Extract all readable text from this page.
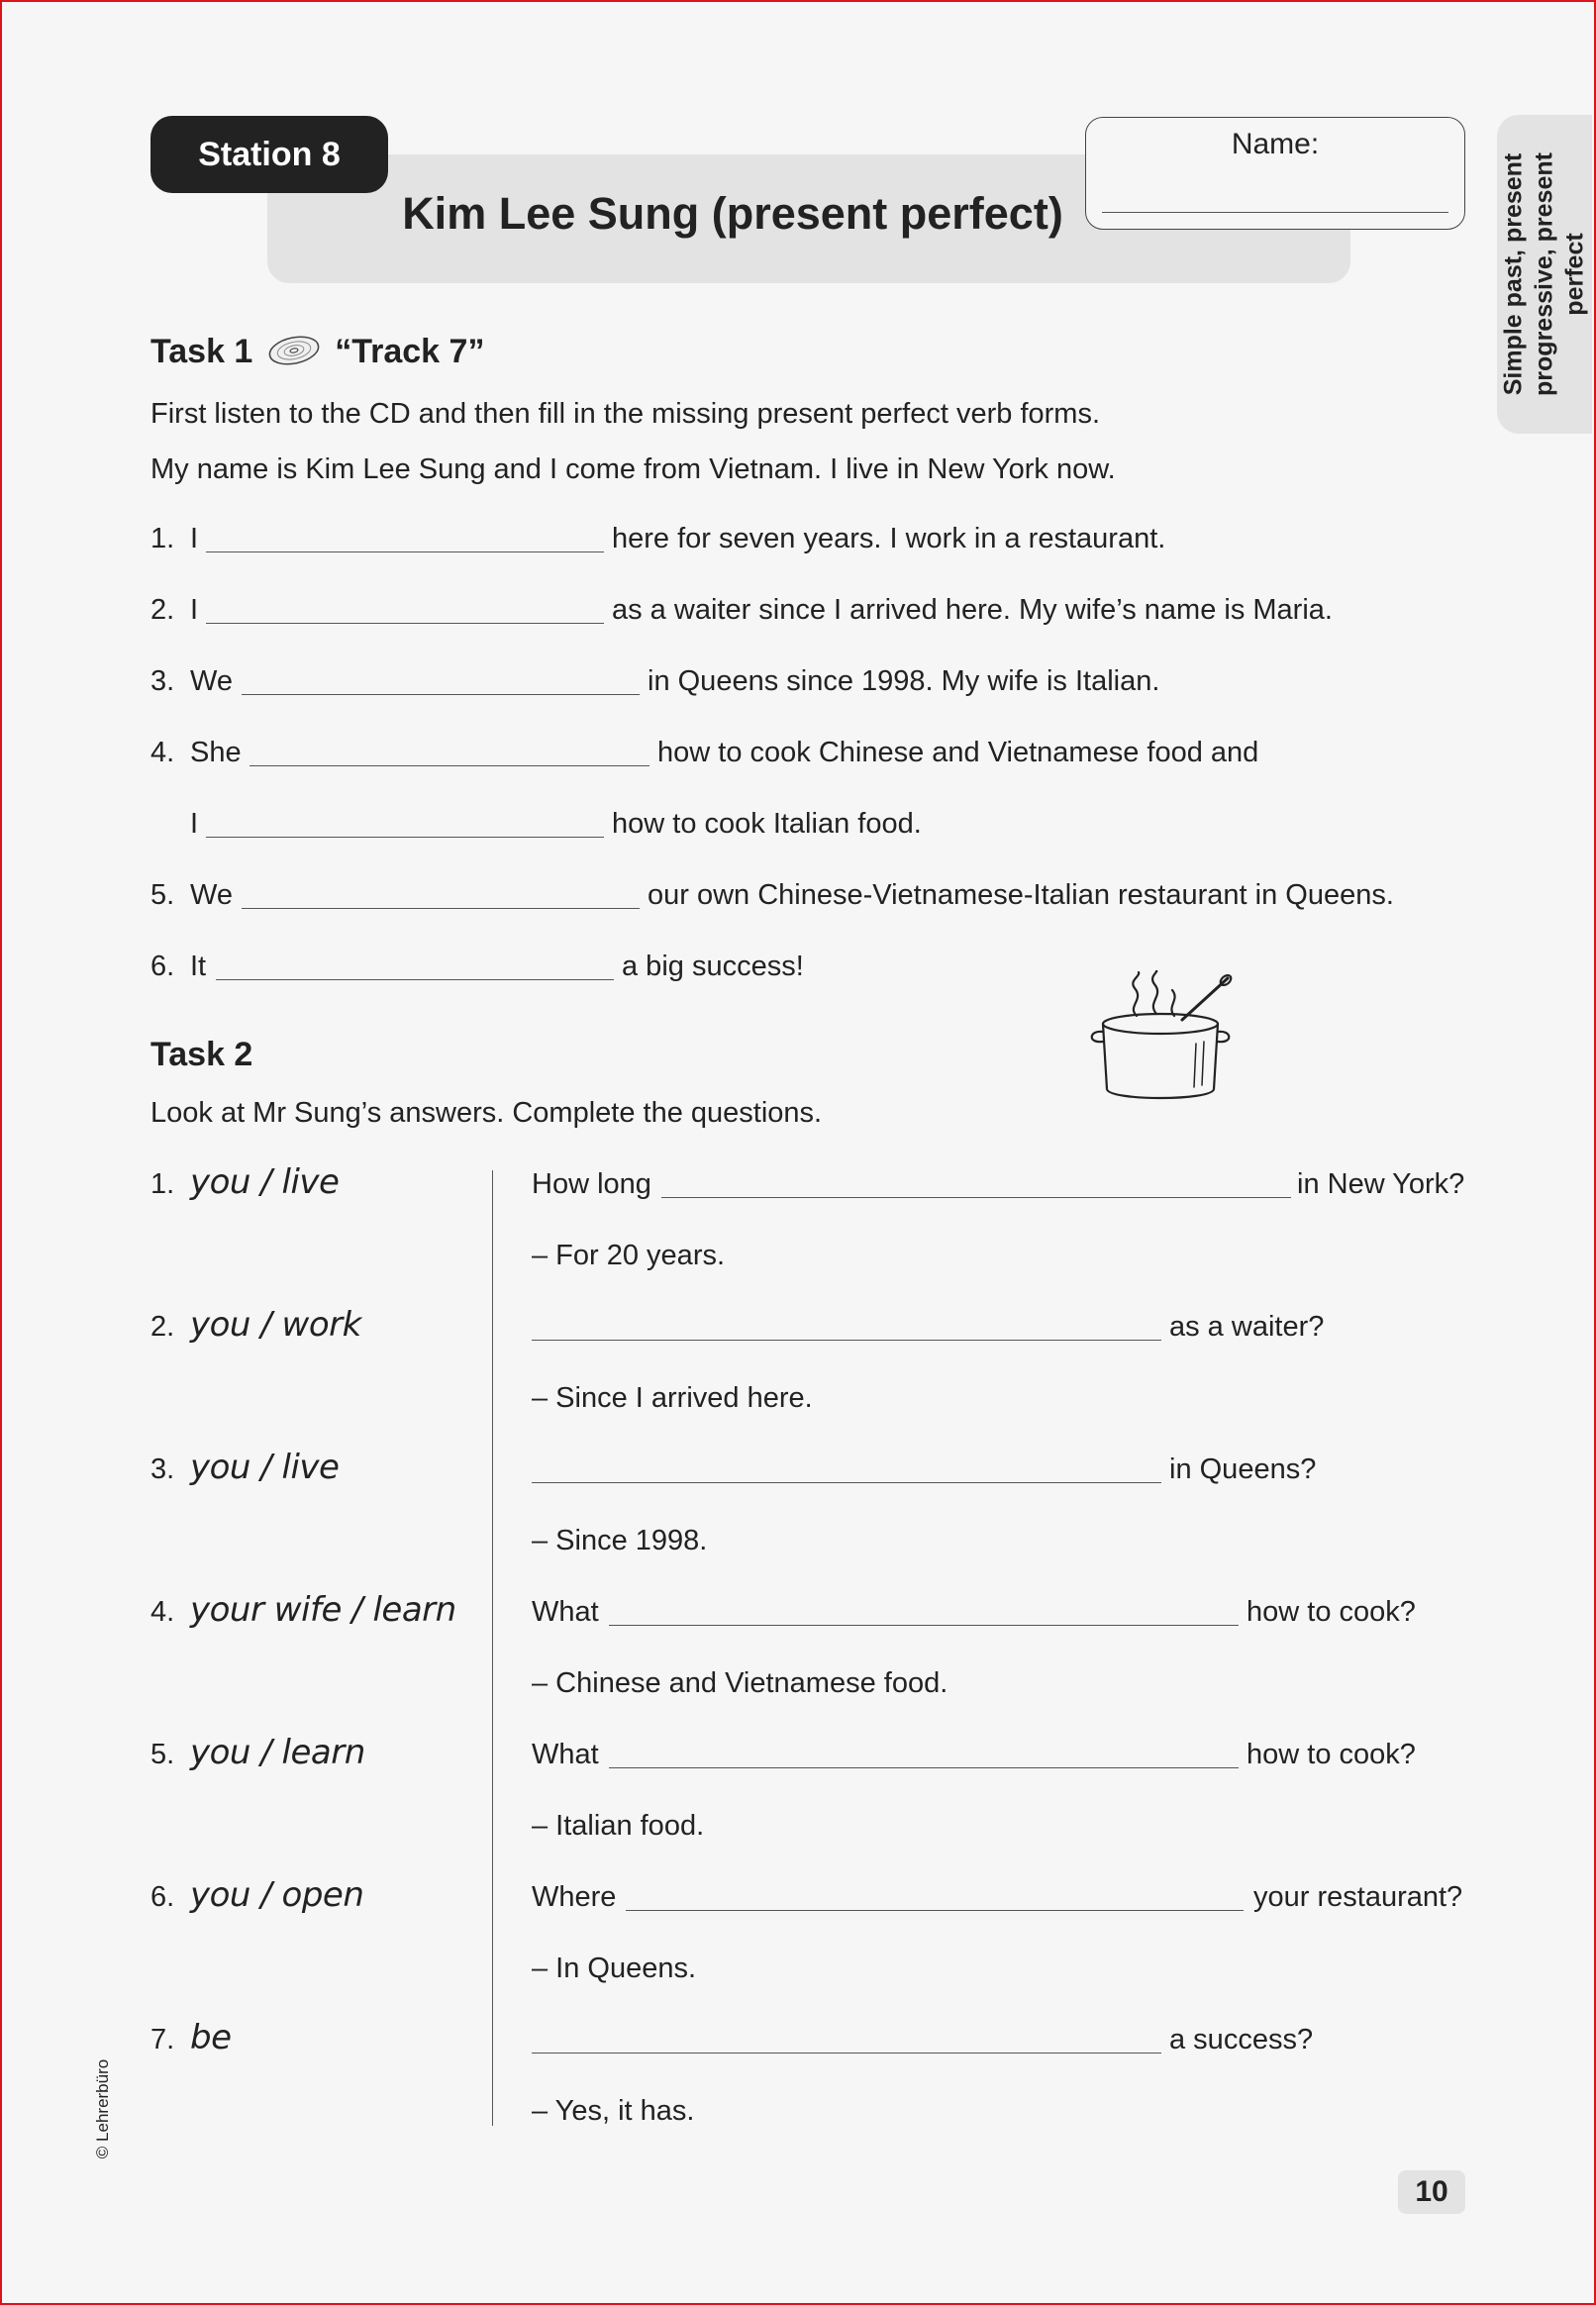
Station 8
Kim Lee Sung (present perfect)
Name:
Simple past, present progressive, present perfect
Task 1 “Track 7”
First listen to the CD and then fill in the missing present perfect verb forms.
My name is Kim Lee Sung and I come from Vietnam. I live in New York now.
1. I	here for seven years. I work in a restaurant.
2. I	as a waiter since I arrived here. My wife’s name is Maria.
3. We	in Queens since 1998. My wife is Italian.
4. She	how to cook Chinese and Vietnamese food and
I	how to cook Italian food.
5. We	our own Chinese-Vietnamese-Italian restaurant in Queens.
6. It	a big success!
Task 2
Look at Mr Sung’s answers. Complete the questions.
1. you / live	How long	in New York?
– For 20 years.
2. you / work	as a waiter?
– Since I arrived here.
3. you / live	in Queens?
– Since 1998.
4. your wife / learn	What	how to cook?
– Chinese and Vietnamese food.
5. you / learn	What	how to cook?
– Italian food.
6. you / open	Where	your restaurant?
– In Queens.
7. be	a success?
– Yes, it has.
© Lehrerbüro
10
